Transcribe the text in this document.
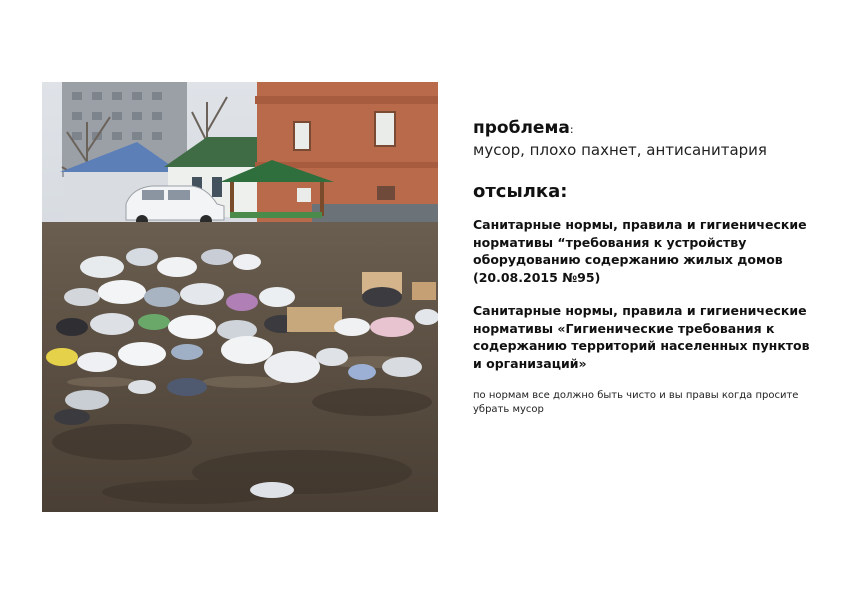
проблема:

мусор, плохо пахнет, антисанитария

отсылка:

Санитарные нормы, правила и гигиенические нормативы “требования к устройству оборудованию содержанию жилых домов (20.08.2015 №95)

Санитарные нормы, правила и гигиенические нормативы «Гигиенические требования к содержанию территорий населенных пунктов и организаций»

по нормам все должно быть чисто и вы правы когда просите убрать мусор
